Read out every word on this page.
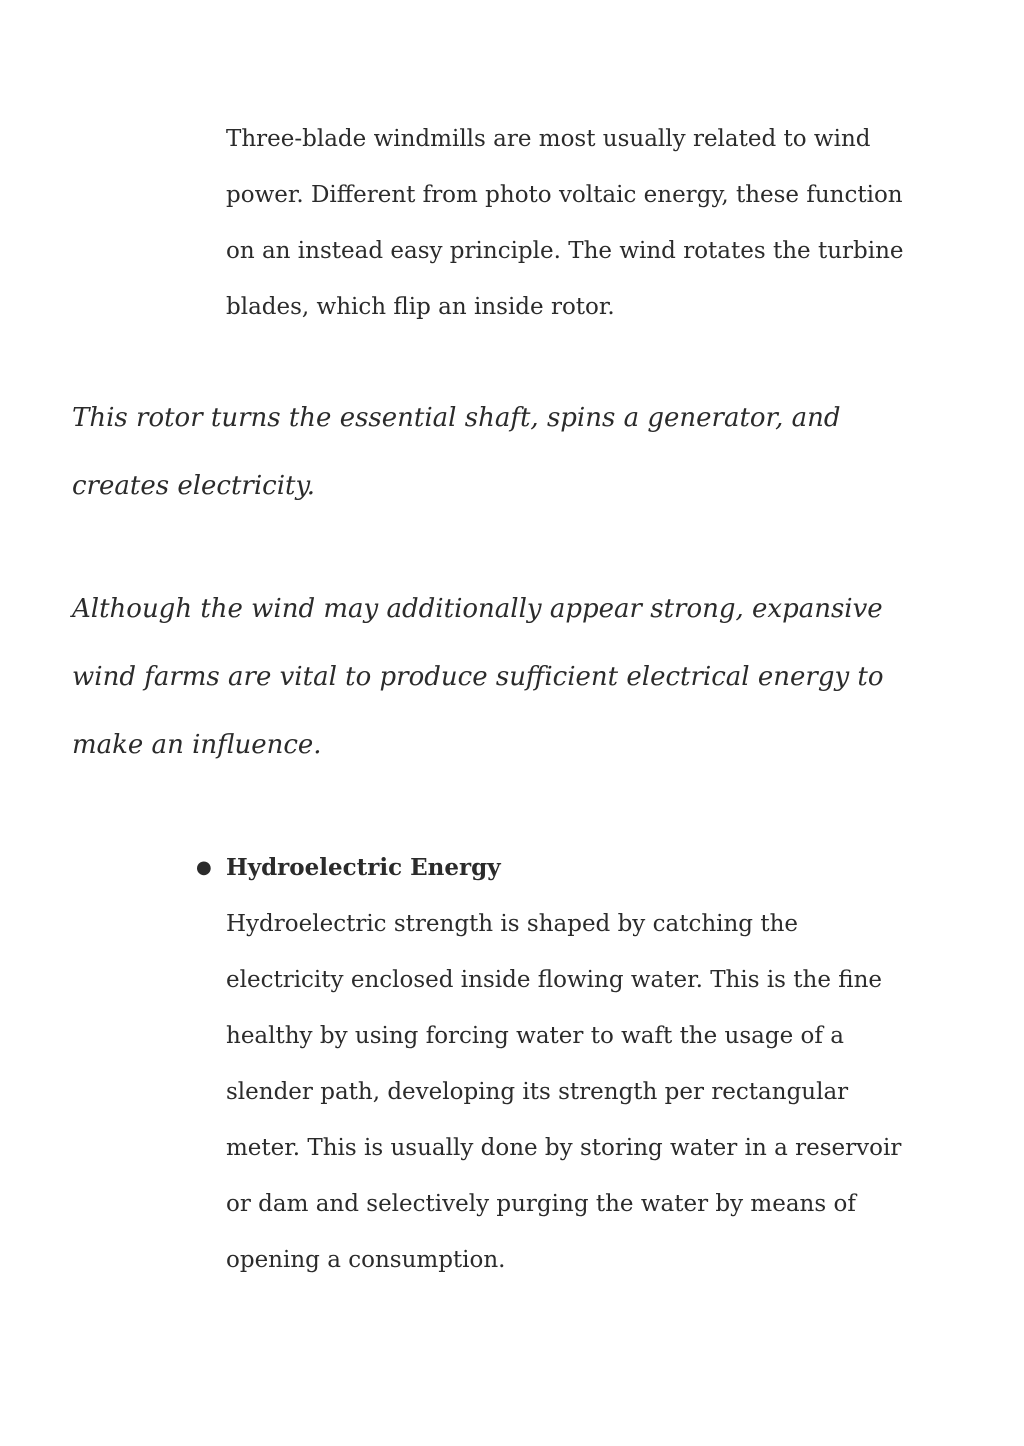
Three-blade windmills are most usually related to wind power. Different from photo voltaic energy, these function on an instead easy principle. The wind rotates the turbine blades, which flip an inside rotor.

This rotor turns the essential shaft, spins a generator, and creates electricity.

Although the wind may additionally appear strong, expansive wind farms are vital to produce sufficient electrical energy to make an influence.

● Hydroelectric Energy

Hydroelectric strength is shaped by catching the electricity enclosed inside flowing water. This is the fine healthy by using forcing water to waft the usage of a slender path, developing its strength per rectangular meter. This is usually done by storing water in a reservoir or dam and selectively purging the water by means of opening a consumption.
